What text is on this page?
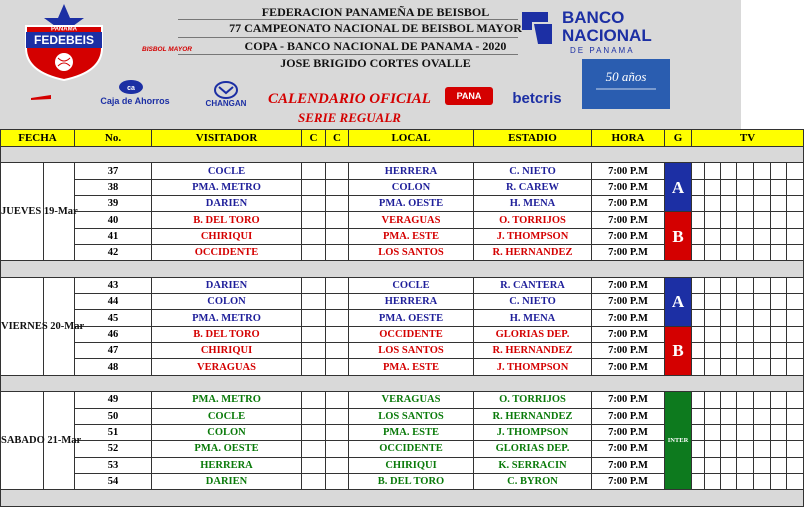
FEDERACION PANAMEÑA DE BEISBOL
77 CAMPEONATO NACIONAL DE BEISBOL MAYOR
COPA - BANCO NACIONAL DE PANAMA - 2020
JOSE BRIGIDO CORTES OVALLE
CALENDARIO OFICIAL
SERIE REGUALR
PANAMA
FEDEBEIS
BISBOL MAYOR
ca
Caja de Ahorros	CHANGAN
PANA betcris
BANCO
NACIONAL
DE PANAMA
50 años
FECHA		No.	VISITADOR	C	C	LOCAL	ESTADIO	HORA	G	TV						

JUEVES 19-Mar		37	COCLE			HERRERA	C. NIETO	7:00 P.M	A							
		38	PMA. METRO			COLON	R. CAREW	7:00 P.M								
		39	DARIEN			PMA. OESTE	H. MENA	7:00 P.M								
		40	B. DEL TORO			VERAGUAS	O. TORRIJOS	7:00 P.M	B							
		41	CHIRIQUI			PMA. ESTE	J. THOMPSON	7:00 P.M								
		42	OCCIDENTE			LOS SANTOS	R. HERNANDEZ	7:00 P.M								

VIERNES 20-Mar		43	DARIEN			COCLE	R. CANTERA	7:00 P.M	A							
		44	COLON			HERRERA	C. NIETO	7:00 P.M								
		45	PMA. METRO			PMA. OESTE	H. MENA	7:00 P.M								
		46	B. DEL TORO			OCCIDENTE	GLORIAS DEP.	7:00 P.M	B							
		47	CHIRIQUI			LOS SANTOS	R. HERNANDEZ	7:00 P.M								
		48	VERAGUAS			PMA. ESTE	J. THOMPSON	7:00 P.M								

SABADO 21-Mar		49	PMA. METRO			VERAGUAS	O. TORRIJOS	7:00 P.M	INTER							
		50	COCLE			LOS SANTOS	R. HERNANDEZ	7:00 P.M								
		51	COLON			PMA. ESTE	J. THOMPSON	7:00 P.M								
		52	PMA. OESTE			OCCIDENTE	GLORIAS DEP.	7:00 P.M								
		53	HERRERA			CHIRIQUI	K. SERRACIN	7:00 P.M								
		54	DARIEN			B. DEL TORO	C. BYRON	7:00 P.M								
